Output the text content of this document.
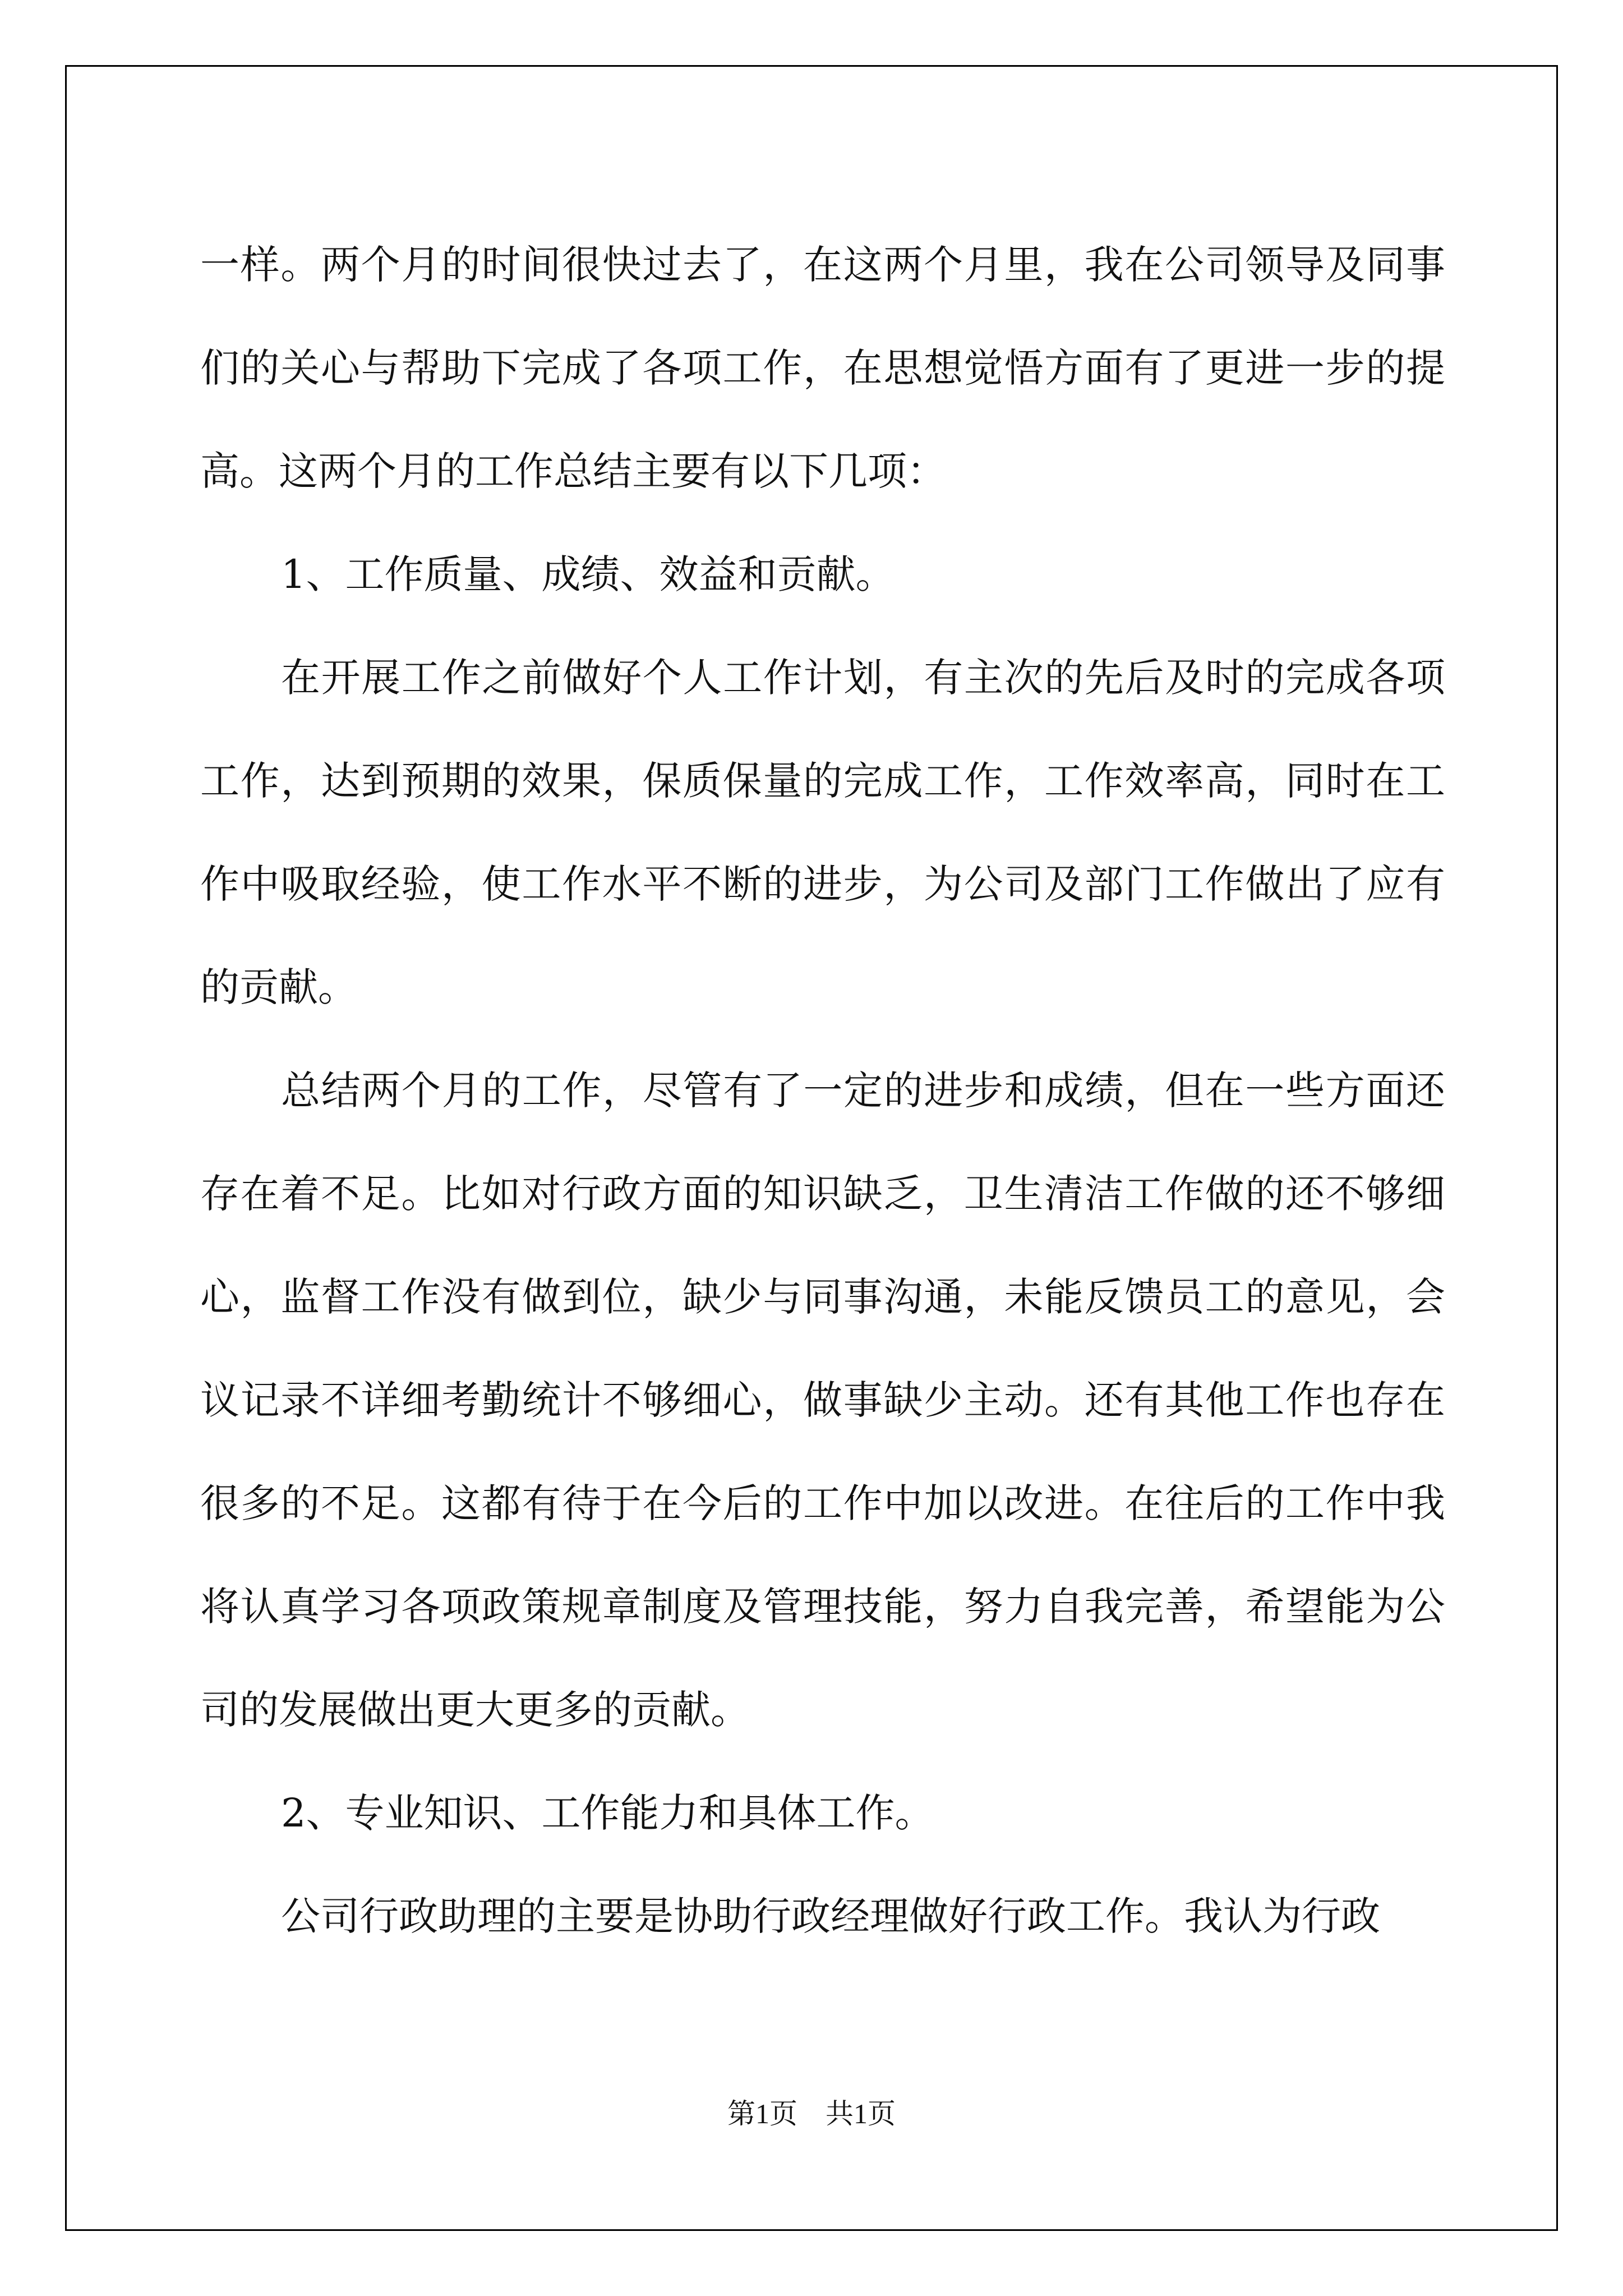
一样。两个月的时间很快过去了，在这两个月里，我在公司领导及同事们的关心与帮助下完成了各项工作，在思想觉悟方面有了更进一步的提高。这两个月的工作总结主要有以下几项：

1、工作质量、成绩、效益和贡献。

在开展工作之前做好个人工作计划，有主次的先后及时的完成各项工作，达到预期的效果，保质保量的完成工作，工作效率高，同时在工作中吸取经验，使工作水平不断的进步，为公司及部门工作做出了应有的贡献。

总结两个月的工作，尽管有了一定的进步和成绩，但在一些方面还存在着不足。比如对行政方面的知识缺乏，卫生清洁工作做的还不够细心，监督工作没有做到位，缺少与同事沟通，未能反馈员工的意见，会议记录不详细考勤统计不够细心，做事缺少主动。还有其他工作也存在很多的不足。这都有待于在今后的工作中加以改进。在往后的工作中我将认真学习各项政策规章制度及管理技能，努力自我完善，希望能为公司的发展做出更大更多的贡献。

2、专业知识、工作能力和具体工作。

公司行政助理的主要是协助行政经理做好行政工作。我认为行政

第1页　共1页
